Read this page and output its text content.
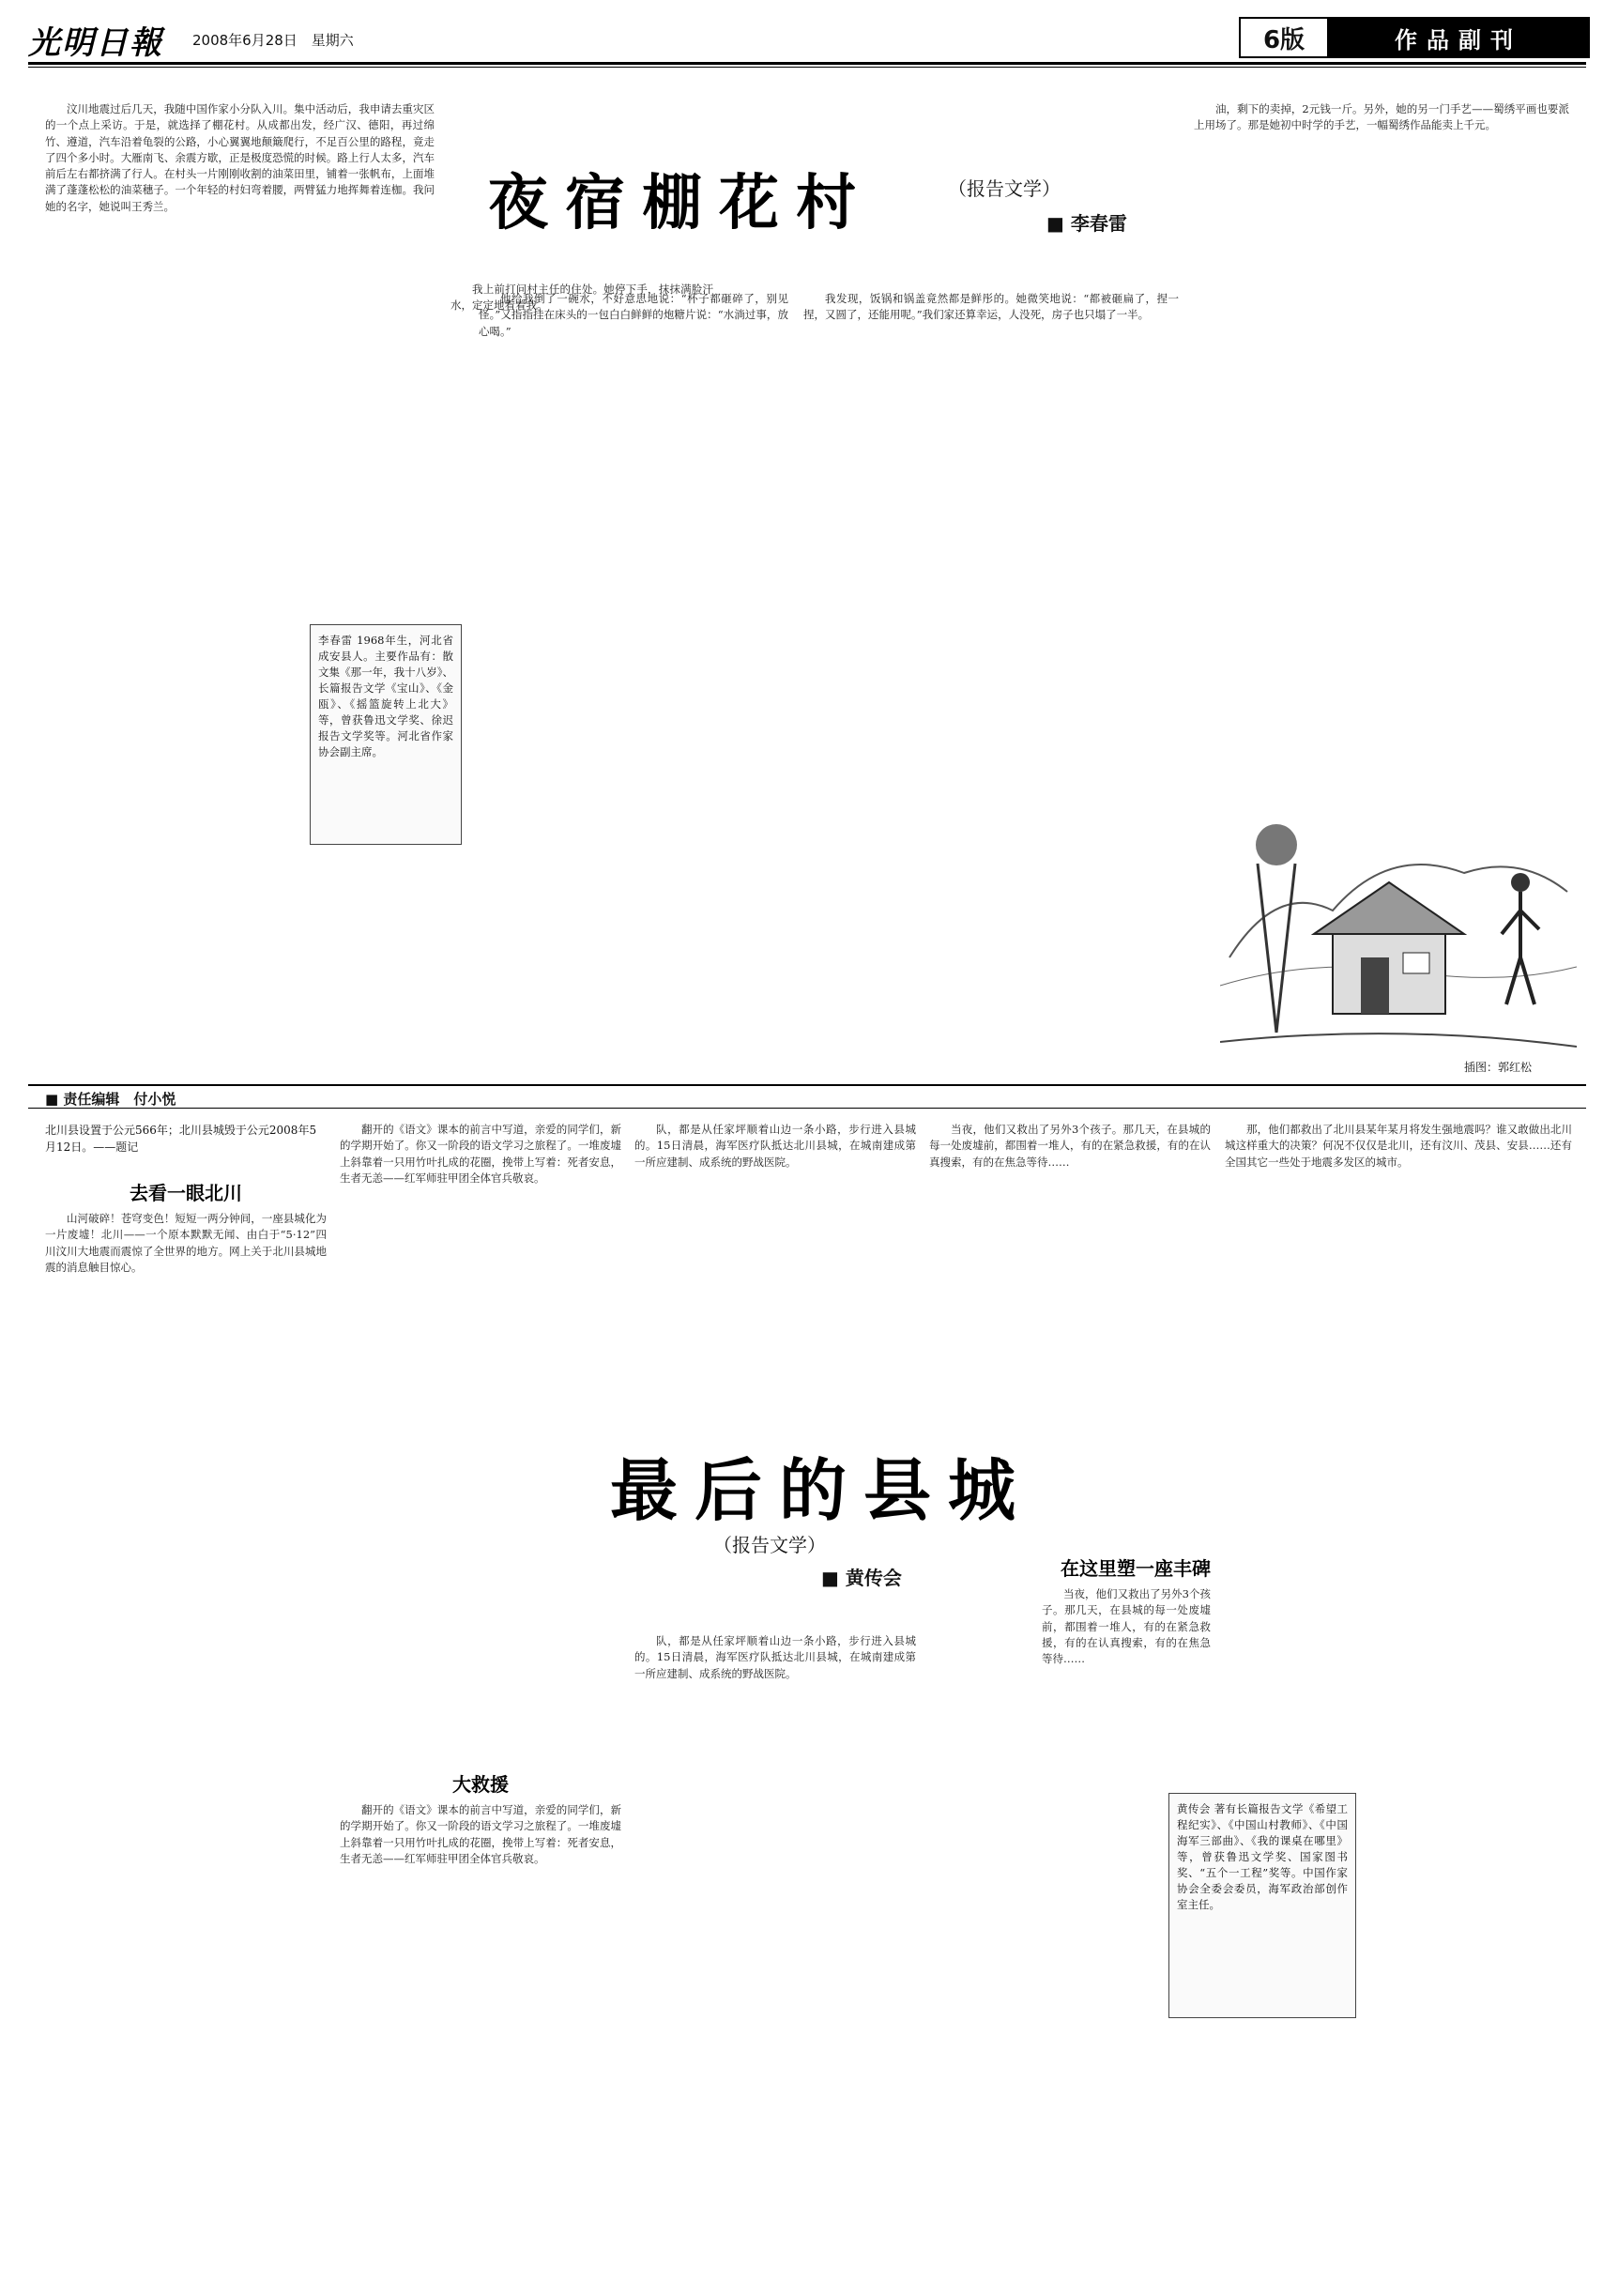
光明日報 2008年6月28日　星期六	6版	作品副刊
夜宿棚花村	（报告文学）
■ 李春雷

汶川地震过后几天，我随中国作家小分队入川。集中活动后，我申请去重灾区的一个点上采访。于是，就选择了棚花村。从成都出发，经广汉、德阳，再过绵竹、遵道，汽车沿着龟裂的公路，小心翼翼地颠簸爬行，不足百公里的路程，竟走了四个多小时。大雁南飞、余震方歇，正是极度恐慌的时候。路上行人太多，汽车前后左右都挤满了行人。在村头一片刚刚收割的油菜田里，铺着一张帆布，上面堆满了蓬蓬松松的油菜穗子。一个年轻的村妇弯着腰，两臂猛力地挥舞着连枷。我问她的名字，她说叫王秀兰。

我上前打问村主任的住处。她停下手，抹抹满脸汗水，定定地看着我。

李春雷 1968年生，河北省成安县人。主要作品有：散文集《那一年，我十八岁》、长篇报告文学《宝山》、《金瓯》、《摇篮旋转上北大》等，曾获鲁迅文学奖、徐迟报告文学奖等。河北省作家协会副主席。

他给我倒了一碗水，不好意思地说：“杯子都砸碎了，别见怪。”又指指挂在床头的一包白白鲜鲜的炮糖片说：“水淌过事，放心喝。”

我发现，饭锅和锅盖竟然都是鲜彤的。她微笑地说：“都被砸扁了，捏一捏，又圆了，还能用呢。”我们家还算幸运，人没死，房子也只塌了一半。

油，剩下的卖掉，2元钱一斤。另外，她的另一门手艺——蜀绣平画也要派上用场了。那是她初中时学的手艺，一幅蜀绣作品能卖上千元。

插图：郭红松
■ 责任编辑　付小悦
北川县设置于公元566年；北川县城毁于公元2008年5月12日。——题记
去看一眼北川

山河破碎！苍穹变色！短短一两分钟间，一座县城化为一片废墟！北川——一个原本默默无闻、由白于“5·12”四川汶川大地震而震惊了全世界的地方。网上关于北川县城地震的消息触目惊心。

翻开的《语文》课本的前言中写道，亲爱的同学们，新的学期开始了。你又一阶段的语文学习之旅程了。一堆废墟上斜靠着一只用竹叶扎成的花圈，挽带上写着：死者安息，生者无恙——红军师驻甲团全体官兵敬哀。

最后的县城
（报告文学）
■ 黄传会
大救援

翻开的《语文》课本的前言中写道，亲爱的同学们，新的学期开始了。你又一阶段的语文学习之旅程了。一堆废墟上斜靠着一只用竹叶扎成的花圈，挽带上写着：死者安息，生者无恙——红军师驻甲团全体官兵敬哀。

队，都是从任家坪顺着山边一条小路，步行进入县城的。15日清晨，海军医疗队抵达北川县城，在城南建成第一所应建制、成系统的野战医院。

队，都是从任家坪顺着山边一条小路，步行进入县城的。15日清晨，海军医疗队抵达北川县城，在城南建成第一所应建制、成系统的野战医院。

当夜，他们又救出了另外3个孩子。那几天，在县城的每一处废墟前，都围着一堆人，有的在紧急救援，有的在认真搜索，有的在焦急等待……

在这里塑一座丰碑

当夜，他们又救出了另外3个孩子。那几天，在县城的每一处废墟前，都围着一堆人，有的在紧急救援，有的在认真搜索，有的在焦急等待……

黄传会 著有长篇报告文学《希望工程纪实》、《中国山村教师》、《中国海军三部曲》、《我的课桌在哪里》等，曾获鲁迅文学奖、国家图书奖、“五个一工程”奖等。中国作家协会全委会委员，海军政治部创作室主任。

那，他们都救出了北川县某年某月将发生强地震吗？谁又敢做出北川城这样重大的决策？何况不仅仅是北川，还有汶川、茂县、安县……还有全国其它一些处于地震多发区的城市。
